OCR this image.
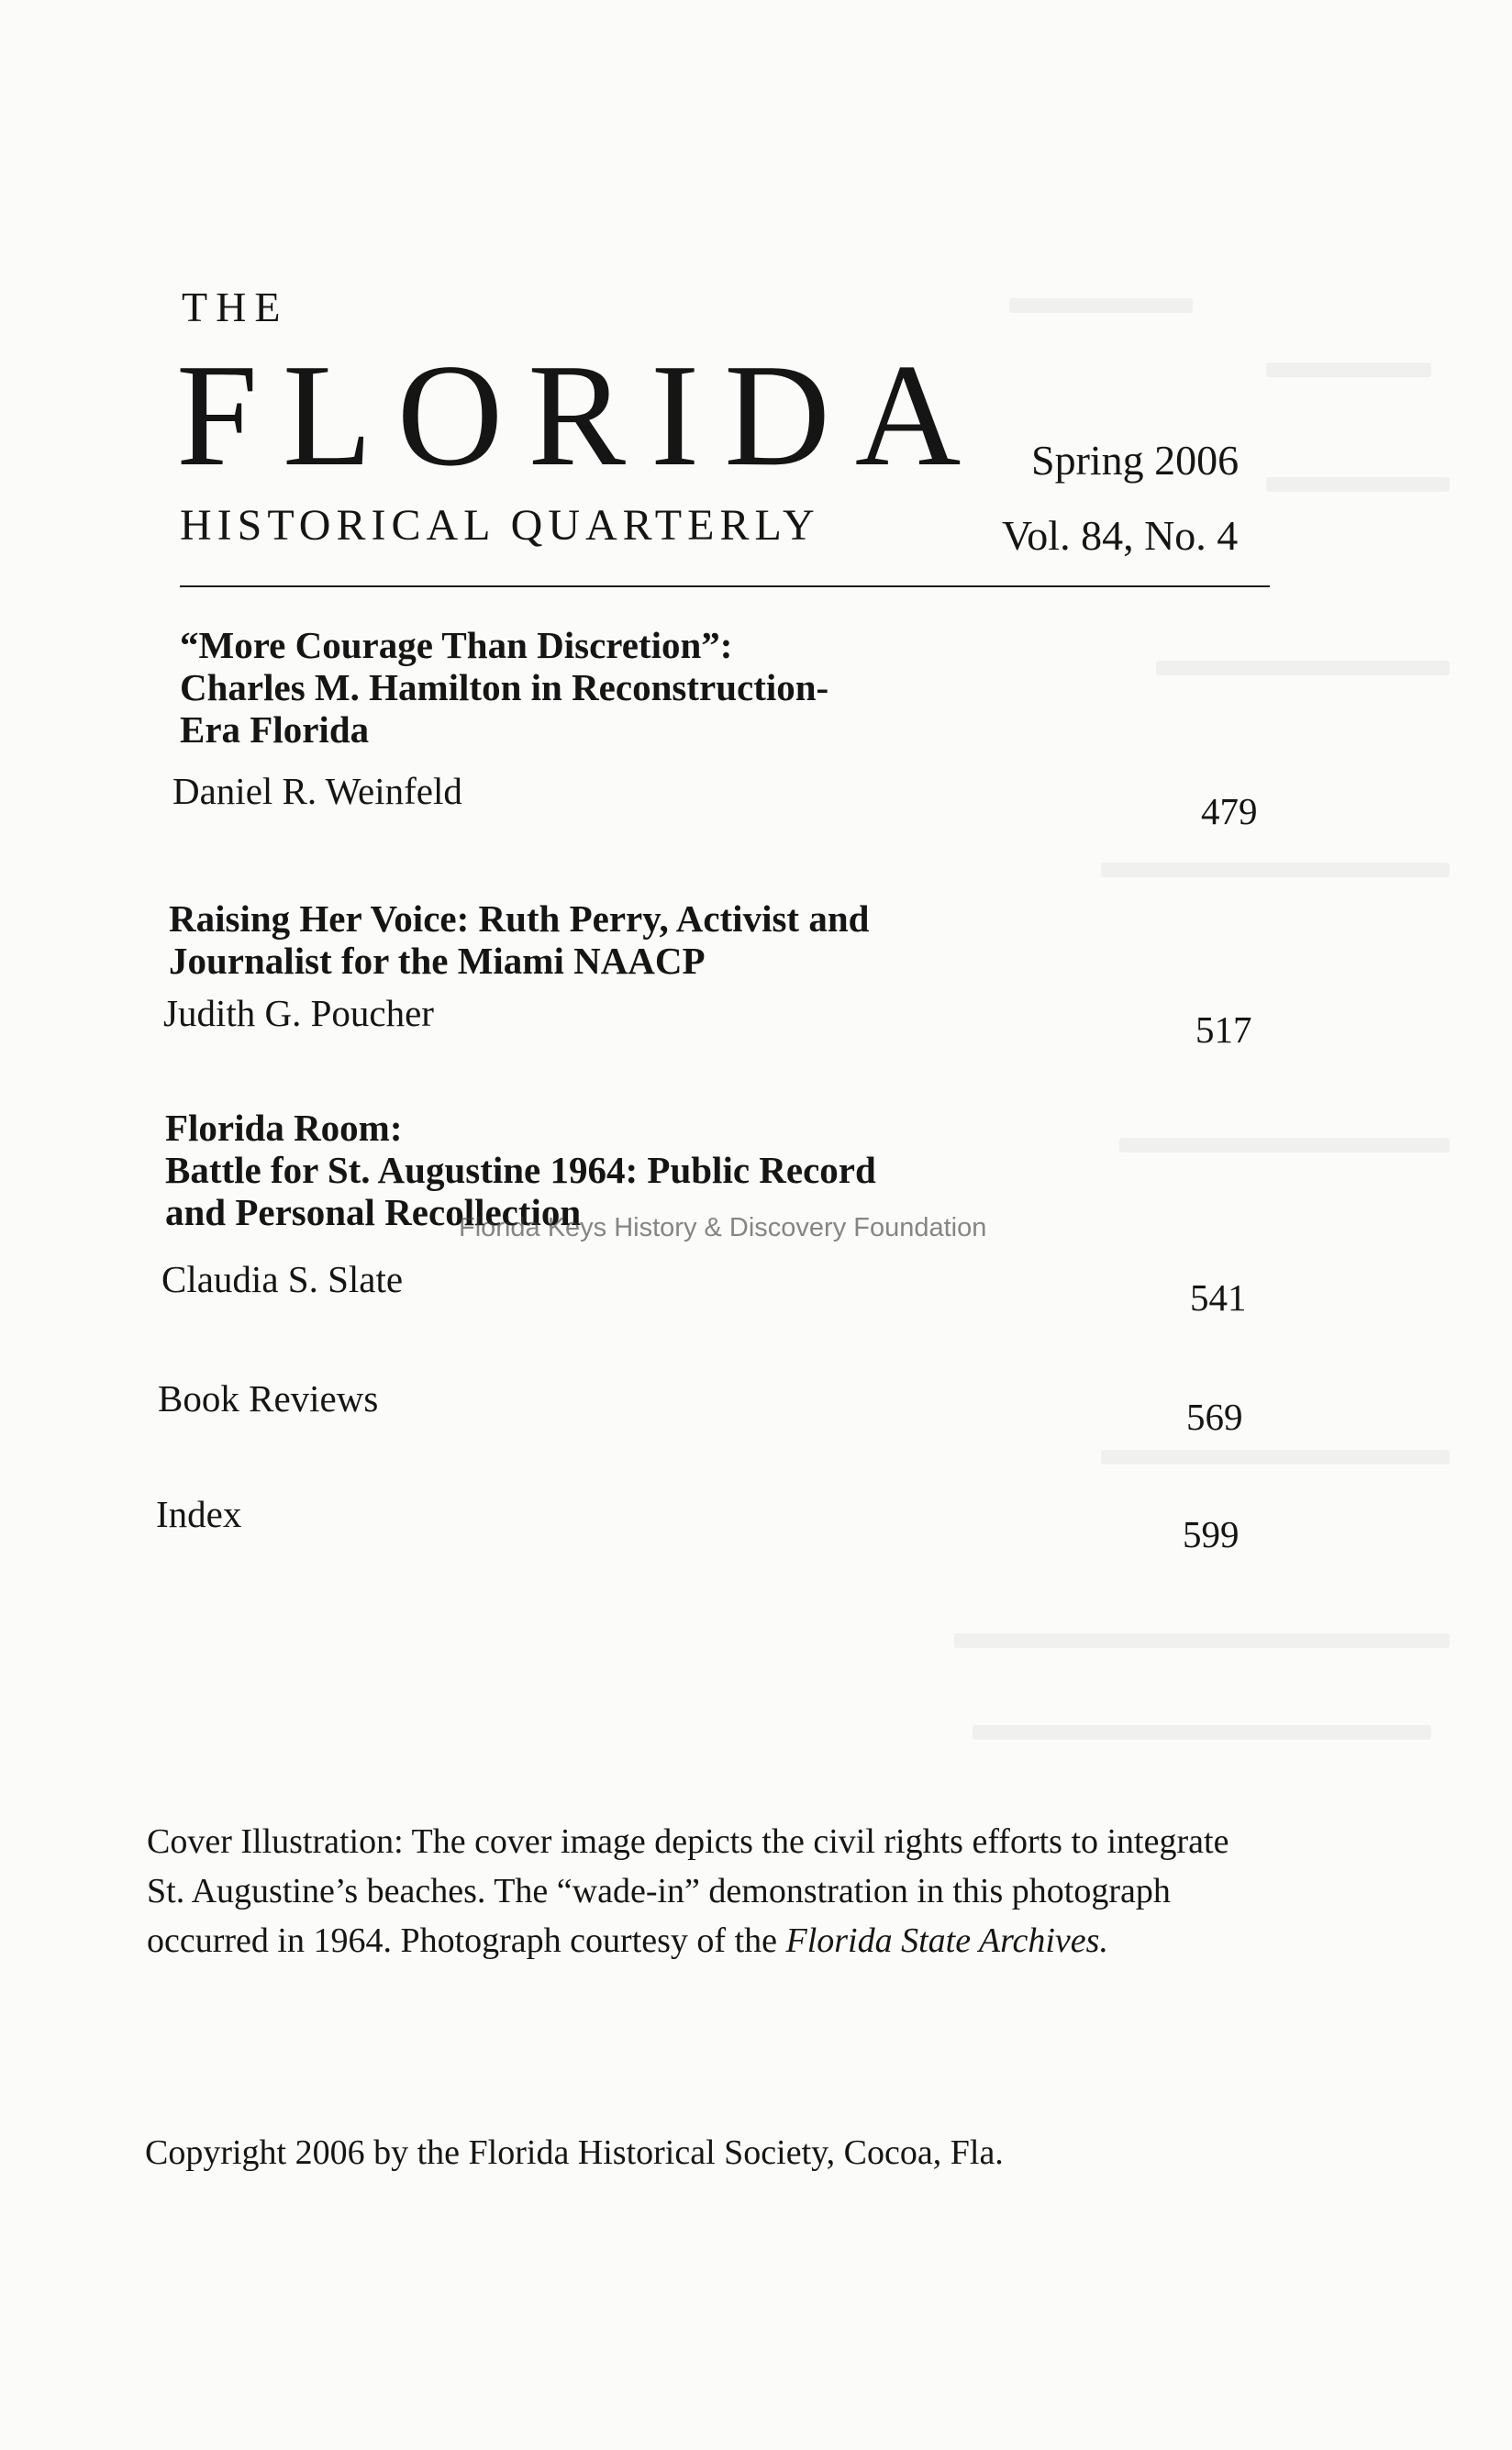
THE
FLORIDA Spring 2006
HISTORICAL QUARTERLY	Vol. 84, No. 4
“More Courage Than Discretion”:
Charles M. Hamilton in Reconstruction-
Era Florida
Daniel R. Weinfeld	479
Raising Her Voice: Ruth Perry, Activist and
Journalist for the Miami NAACP
Judith G. Poucher	517
Florida Room:
Battle for St. Augustine 1964: Public Record
and Personal Recollection
Florida Keys History & Discovery Foundation
Claudia S. Slate	541
Book Reviews	569
Index	599
Cover Illustration: The cover image depicts the civil rights efforts to integrate St. Augustine’s beaches. The “wade-in” demonstration in this photograph occurred in 1964. Photograph courtesy of the Florida State Archives.
Copyright 2006 by the Florida Historical Society, Cocoa, Fla.
